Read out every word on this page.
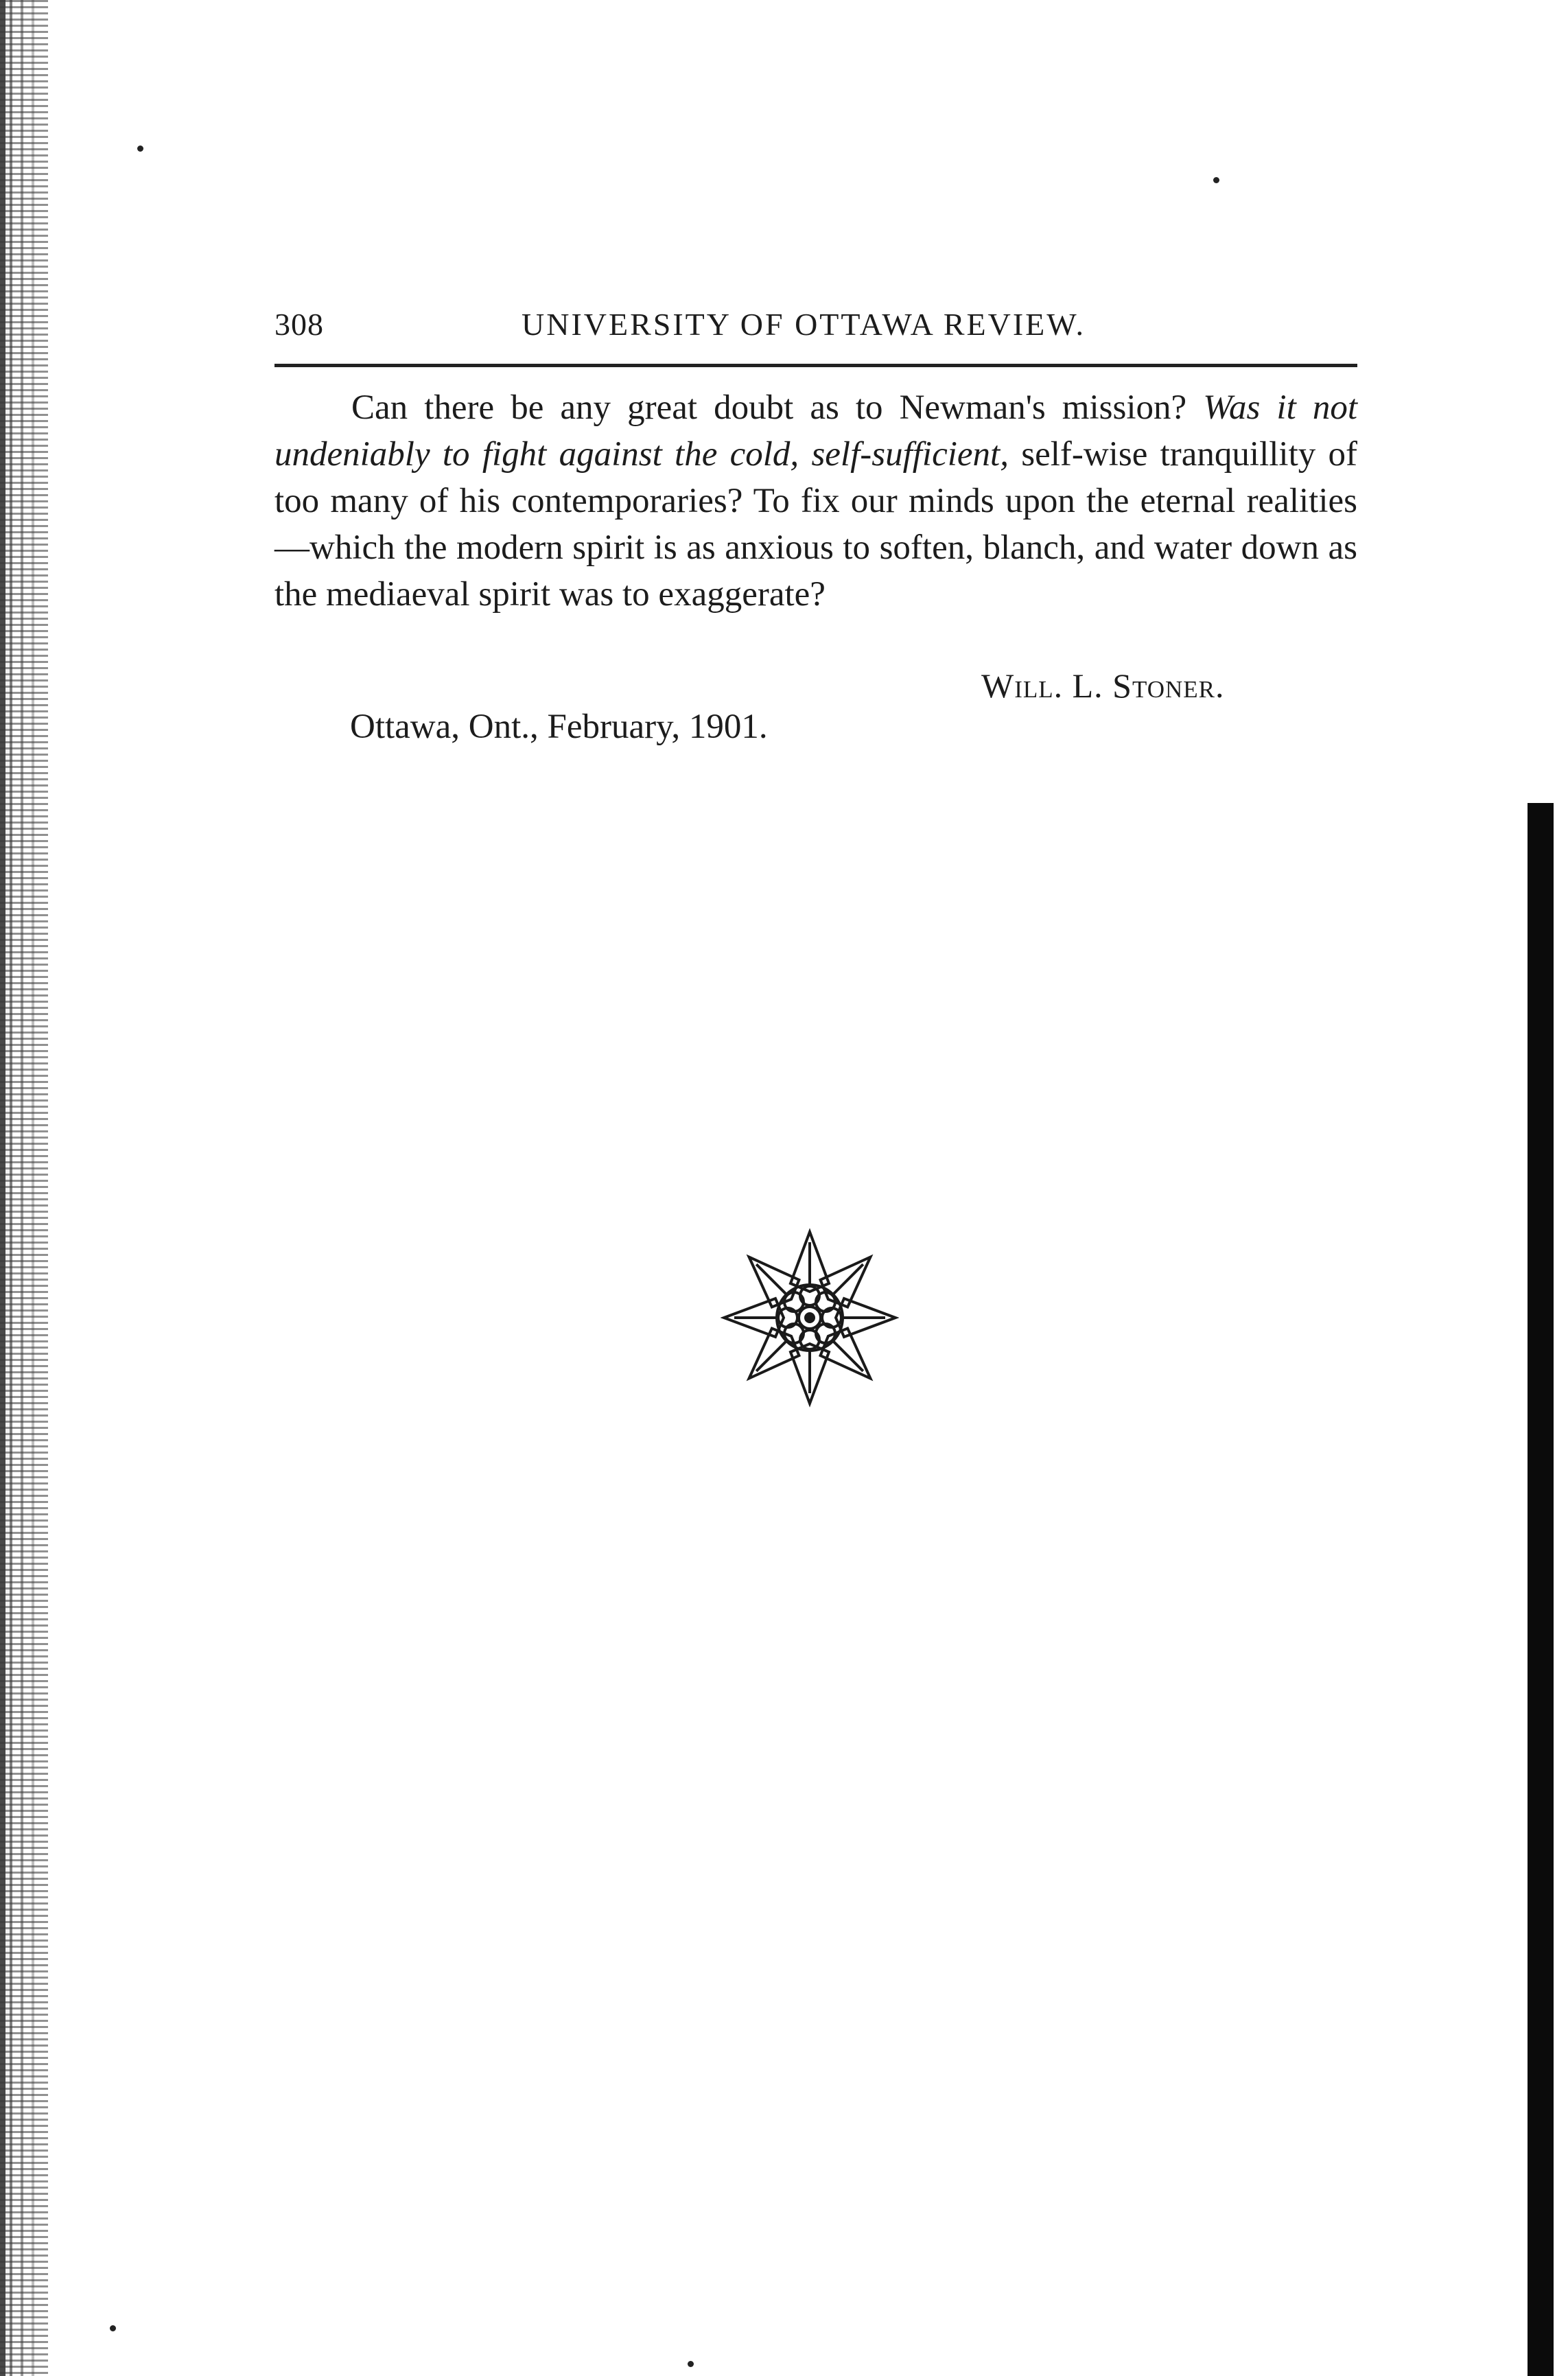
308	UNIVERSITY OF OTTAWA REVIEW.

Can there be any great doubt as to Newman's mission? Was it not undeniably to fight against the cold, self-sufficient, self-wise tranquillity of too many of his contemporaries? To fix our minds upon the eternal realities—which the modern spirit is as anxious to soften, blanch, and water down as the mediaeval spirit was to exaggerate?

Will. L. Stoner.
Ottawa, Ont., February, 1901.
